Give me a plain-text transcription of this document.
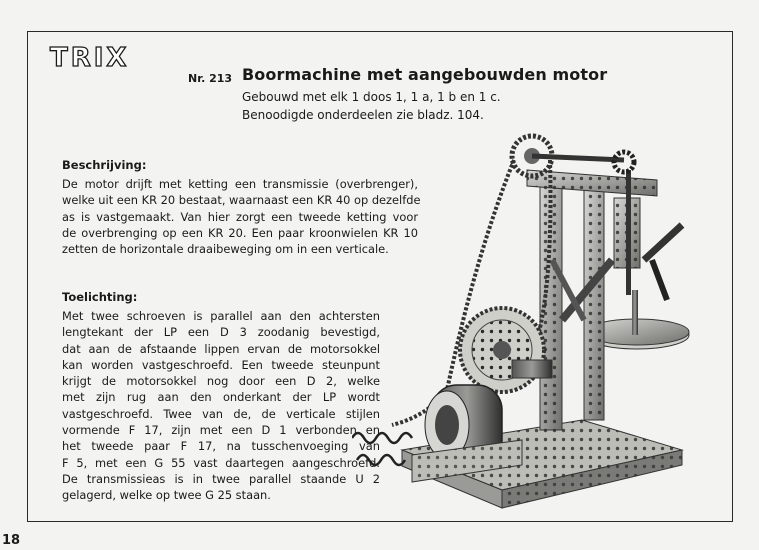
TRIX
Nr. 213 Boormachine met aangebouwden motor
Gebouwd met elk 1 doos 1, 1 a, 1 b en 1 c.
Benoodigde onderdeelen zie bladz. 104.
Beschrijving:
De motor drijft met ketting een transmissie (overbrenger),
welke uit een KR 20 bestaat, waarnaast een KR 40 op dezelfde
as is vastgemaakt. Van hier zorgt een tweede ketting voor
de overbrenging op een KR 20. Een paar kroonwielen KR 10
zetten de horizontale draaibeweging om in een verticale.
Toelichting:
Met twee schroeven is parallel aan den achtersten
lengtekant der LP een D 3 zoodanig bevestigd,
dat aan de afstaande lippen ervan de motorsokkel
kan worden vastgeschroefd. Een tweede steunpunt
krijgt de motorsokkel nog door een D 2, welke
met zijn rug aan den onderkant der LP wordt
vastgeschroefd. Twee van de, de verticale stijlen
vormende F 17, zijn met een D 1 verbonden en
het tweede paar F 17, na tusschenvoeging van
F 5, met een G 55 vast daartegen aangeschroefd.
De transmissieas is in twee parallel staande U 2
gelagerd, welke op twee G 25 staan.
18
